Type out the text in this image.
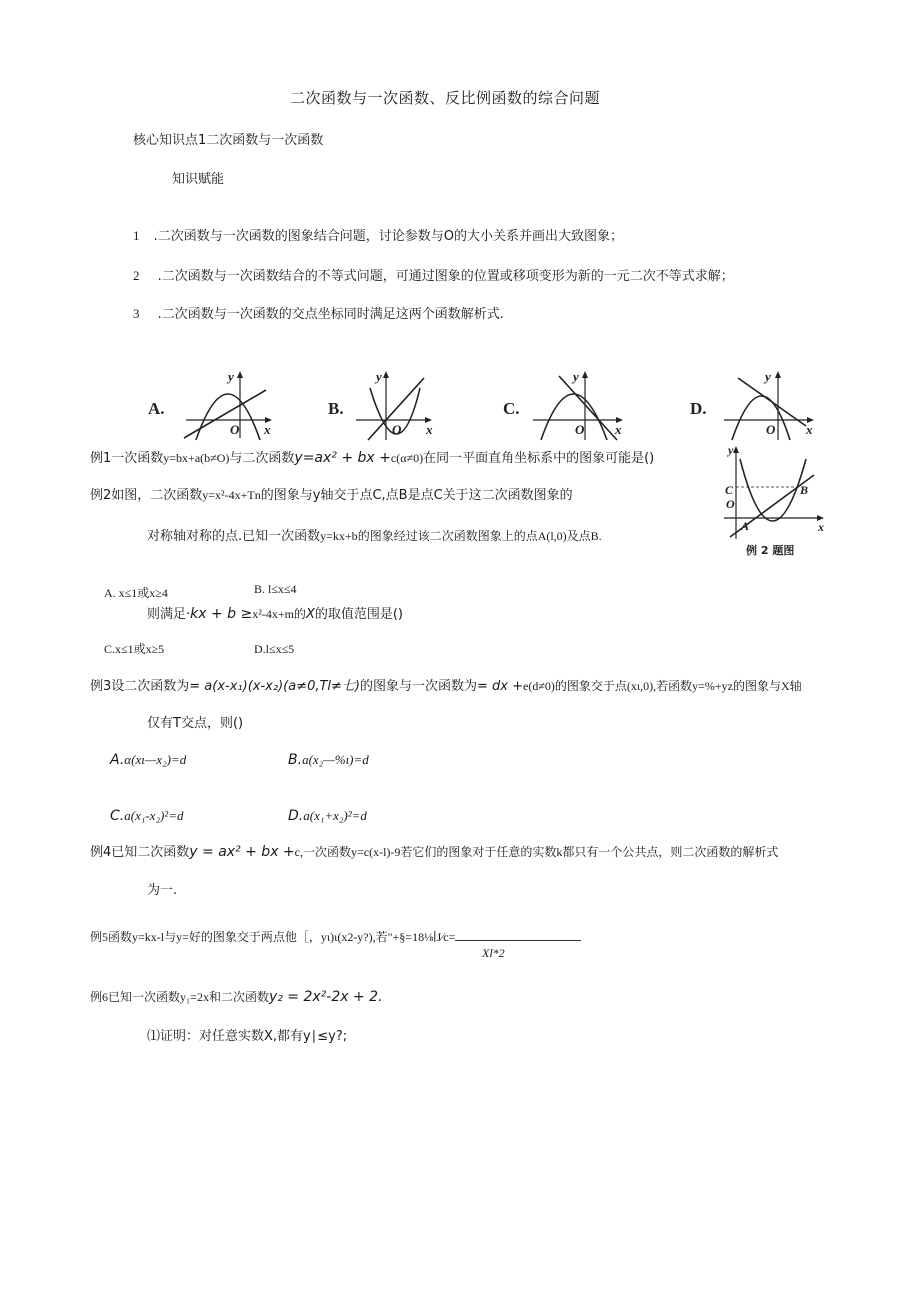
二次函数与一次函数、反比例函数的综合问题
核心知识点1二次函数与一次函数
知识赋能
1 .二次函数与一次函数的图象结合问题，讨论参数与O的大小关系并画出大致图象；
2 .二次函数与一次函数结合的不等式问题，可通过图象的位置或移项变形为新的一元二次不等式求解；
3 .二次函数与一次函数的交点坐标同时满足这两个函数解析式.
A.
y
x
O
B.
y
x
O
C.
y
x
O
D.
y
x
O
例1一次函数y=bx+a(b≠O)与二次函数y=ax² + bx +c(α≠0)在同一平面直角坐标系中的图象可能是()
y
x
C
O
A
B
例 2 题图
例2如图，二次函数y=x²-4x+Tn的图象与y轴交于点C,点B是点C关于这二次函数图象的
对称轴对称的点.已知一次函数y=kx+b的图象经过该二次函数图象上的点A(l,0)及点B.
A. x≤1或x≥4	B. l≤x≤4
则满足·kx + b ≥x²-4x+m的X的取值范围是()
C.x≤1或x≥5	D.l≤x≤5
例3设二次函数为= a(x-x₁)(x-x₂)(a≠0,Tl≠七)的图象与一次函数为= dx +e(d≠0)的图象交于点(xι,0),若函数y=%+yz的图象与X轴
仅有T交点，则()
A.α(xι—x₂)=d	B.a(x₂—%ι)=d
C.a(x₁-x₂)²=d	D.a(x₁+x₂)²=d
例4已知二次函数y = ax² + bx +c,一次函数y=c(x-l)-9若它们的图象对于任意的实数k都只有一个公共点，则二次函数的解析式
为一.
例5函数y=kx-l与y=好的图象交于两点他［，yι)ι(x2-y?),若"+§=18⅛∣J∕c=
Xl*2
例6已知一次函数y₁=2x和二次函数y₂ = 2x²-2x + 2.
⑴证明：对任意实数X,都有y∣≤y?;
